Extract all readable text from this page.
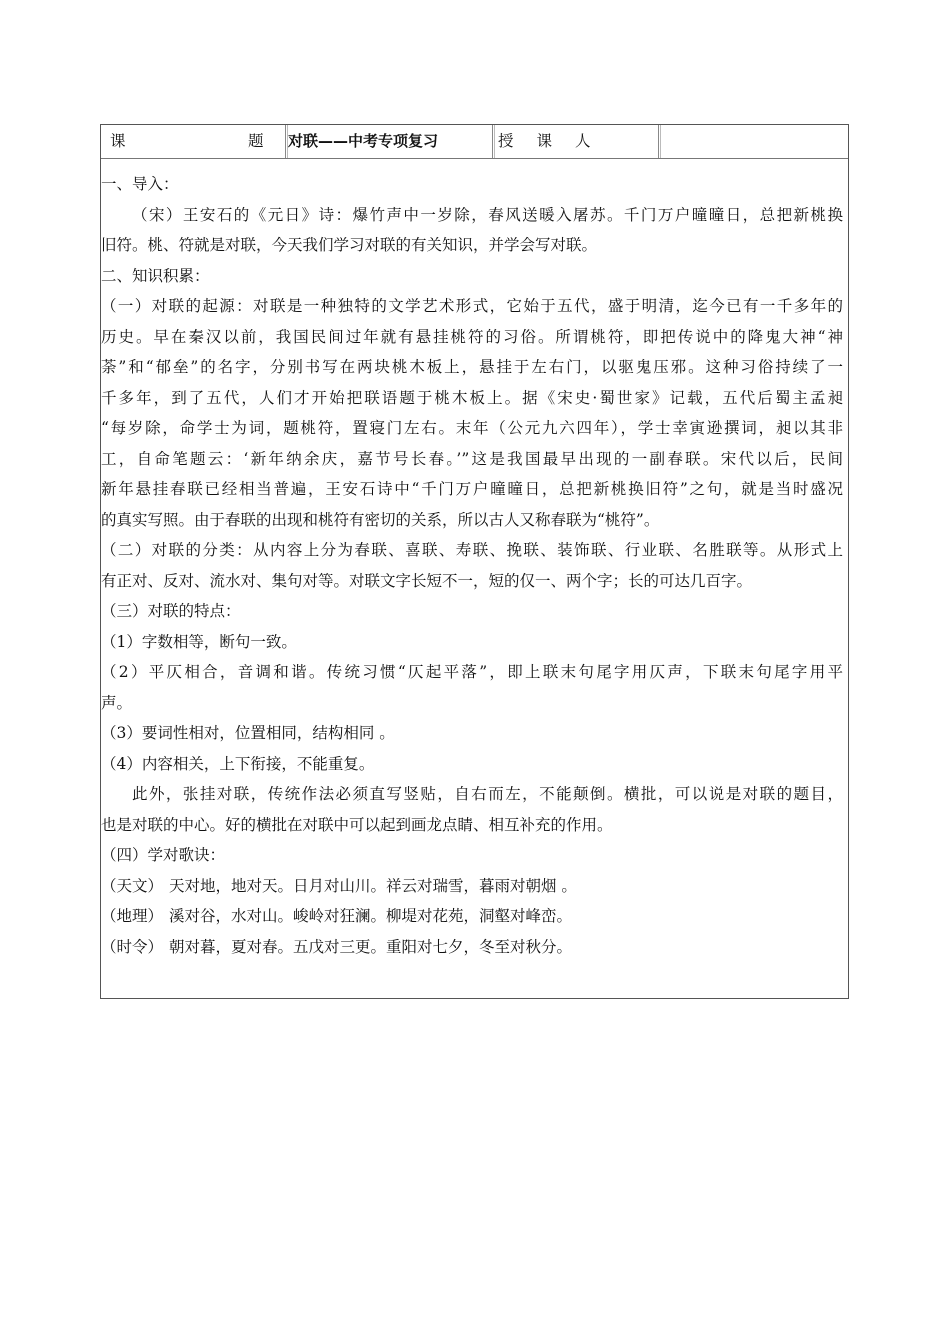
课	题 对联——中考专项复习	授课人
一、导入：
（宋）王安石的《元日》诗：爆竹声中一岁除，春风送暖入屠苏。千门万户曈曈日，总把新桃换
旧符。桃、符就是对联，今天我们学习对联的有关知识，并学会写对联。
二、知识积累：
（一）对联的起源：对联是一种独特的文学艺术形式，它始于五代，盛于明清，迄今已有一千多年的
历史。早在秦汉以前，我国民间过年就有悬挂桃符的习俗。所谓桃符，即把传说中的降鬼大神“神
荼”和“郁垒”的名字，分别书写在两块桃木板上，悬挂于左右门，以驱鬼压邪。这种习俗持续了一
千多年，到了五代，人们才开始把联语题于桃木板上。据《宋史·蜀世家》记载，五代后蜀主孟昶
“每岁除，命学士为词，题桃符，置寝门左右。末年（公元九六四年），学士幸寅逊撰词，昶以其非
工，自命笔题云：‘新年纳余庆，嘉节号长春。’”这是我国最早出现的一副春联。宋代以后，民间
新年悬挂春联已经相当普遍，王安石诗中“千门万户曈曈日，总把新桃换旧符”之句，就是当时盛况
的真实写照。由于春联的出现和桃符有密切的关系，所以古人又称春联为“桃符”。
（二）对联的分类：从内容上分为春联、喜联、寿联、挽联、装饰联、行业联、名胜联等。从形式上
有正对、反对、流水对、集句对等。对联文字长短不一，短的仅一、两个字；长的可达几百字。
（三）对联的特点：
（1）字数相等，断句一致。
（2）平仄相合，音调和谐。传统习惯“仄起平落”，即上联末句尾字用仄声，下联末句尾字用平
声。
（3）要词性相对，位置相同，结构相同 。
（4）内容相关，上下衔接，不能重复。
此外，张挂对联，传统作法必须直写竖贴，自右而左，不能颠倒。横批，可以说是对联的题目，
也是对联的中心。好的横批在对联中可以起到画龙点睛、相互补充的作用。
（四）学对歌诀：
（天文） 天对地，地对天。日月对山川。祥云对瑞雪，暮雨对朝烟 。 （地理） 溪对谷，水对山。峻岭对狂澜。柳堤对花苑，洞壑对峰峦。 （时令） 朝对暮，夏对春。五戊对三更。重阳对七夕，冬至对秋分。
